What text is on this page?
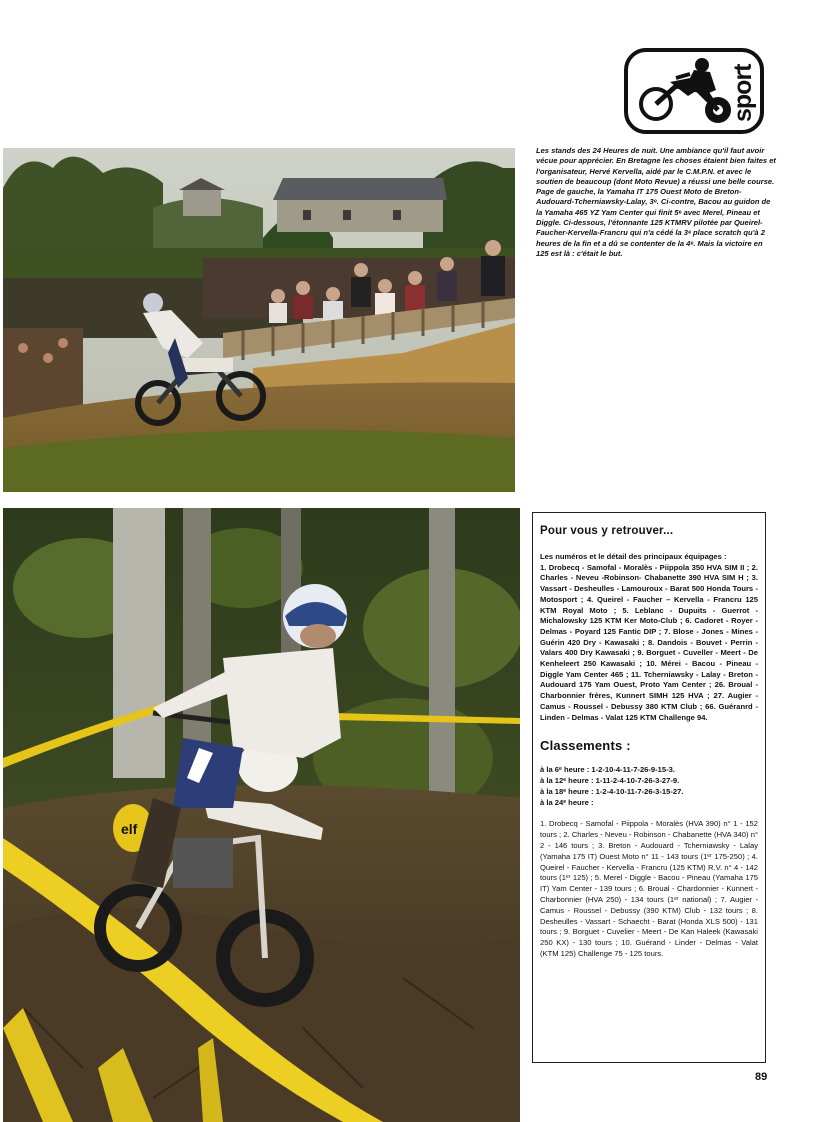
sport

Les stands des 24 Heures de nuit. Une ambiance qu'il faut avoir vécue pour apprécier. En Bretagne les choses étaient bien faites et l'organisateur, Hervé Kervella, aidé par le C.M.P.N. et avec le soutien de beaucoup (dont Moto Revue) a réussi une belle course. Page de gauche, la Yamaha IT 175 Ouest Moto de Breton-Audouard-Tcherniawsky-Lalay, 3ᵉ. Ci-contre, Bacou au guidon de la Yamaha 465 YZ Yam Center qui finit 5ᵉ avec Merel, Pineau et Diggle. Ci-dessous, l'étonnante 125 KTMRV pilotée par Queirel-Faucher-Kervella-Francru qui n'a cédé la 3ᵉ place scratch qu'à 2 heures de la fin et a dû se contenter de la 4ᵉ. Mais la victoire en 125 est là : c'était le but.

elf
Pour vous y retrouver...

Les numéros et le détail des principaux équipages :

1. Drobecq - Samofal - Moralès - Piippola 350 HVA SIM II ; 2. Charles - Neveu -Robinson- Chabanette 390 HVA SIM H ; 3. Vassart - Desheulles - Lamouroux - Barat 500 Honda Tours - Motosport ; 4. Queirel - Faucher – Kervella - Francru 125 KTM Royal Moto ; 5. Leblanc - Dupuits - Guerrot - Michalowsky 125 KTM Ker Moto-Club ; 6. Cadoret - Royer - Delmas - Poyard 125 Fantic DIP ; 7. Blose - Jones - Mines - Guérin 420 Dry - Kawasaki ; 8. Dandois - Bouvet - Perrin - Valars 400 Dry Kawasaki ; 9. Borguet - Cuveller - Meert - De Kenheleert 250 Kawasaki ; 10. Mérei - Bacou - Pineau - Diggle Yam Center 465 ; 11. Tcherniawsky - Lalay - Breton - Audouard 175 Yam Ouest, Proto Yam Center ; 26. Broual - Charbonnier frères, Kunnert SIMH 125 HVA ; 27. Augier - Camus - Roussel - Debussy 380 KTM Club ; 66. Guéranrd - Linden - Delmas - Valat 125 KTM Challenge 94.

Classements :

à la 6ᵉ heure : 1-2-10-4-11-7-26-9-15-3.

à la 12ᵉ heure : 1-11-2-4-10-7-26-3-27-9.

à la 18ᵉ heure : 1-2-4-10-11-7-26-3-15-27.

à la 24ᵉ heure :

1. Drobecq - Samofal - Piippola - Moralès (HVA 390) n° 1 - 152 tours ; 2. Charles - Neveu - Robinson - Chabanette (HVA 340) n° 2 - 146 tours ; 3. Breton - Audouard - Tcherniawsky - Lalay (Yamaha 175 IT) Ouest Moto n° 11 - 143 tours (1ᵉʳ 175-250) ; 4. Queirel - Faucher - Kervella - Francru (125 KTM) R.V. n° 4 - 142 tours (1ᵉʳ 125) ; 5. Merel - Diggle - Bacou - Pineau (Yamaha 175 IT) Yam Center - 139 tours ; 6. Broual - Chardonnier - Kunnert - Charbonnier (HVA 250) - 134 tours (1ᵉʳ national) ; 7. Augier - Camus - Roussel - Debussy (390 KTM) Club - 132 tours ; 8. Desheulles - Vassart - Schaecht - Barat (Honda XLS 500) - 131 tours ; 9. Borguet - Cuvelier - Meert - De Kan Haleek (Kawasaki 250 KX) - 130 tours ; 10. Guérand - Linder - Delmas - Valat (KTM 125) Challenge 75 - 125 tours.

89
